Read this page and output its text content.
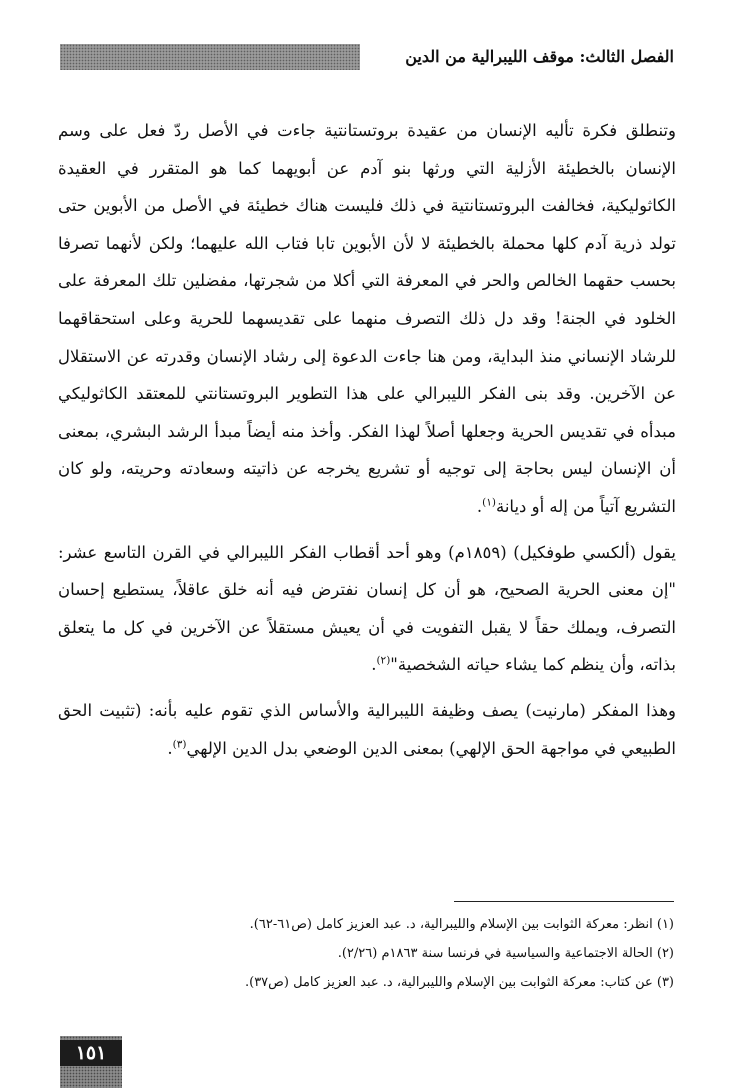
الفصل الثالث: موقف الليبرالية من الدين

وتنطلق فكرة تأليه الإنسان من عقيدة بروتستانتية جاءت في الأصل ردّ فعل على وسم الإنسان بالخطيئة الأزلية التي ورثها بنو آدم عن أبويهما كما هو المتقرر في العقيدة الكاثوليكية، فخالفت البروتستانتية في ذلك فليست هناك خطيئة في الأصل من الأبوين حتى تولد ذرية آدم كلها محملة بالخطيئة لا لأن الأبوين تابا فتاب الله عليهما؛ ولكن لأنهما تصرفا بحسب حقهما الخالص والحر في المعرفة التي أكلا من شجرتها، مفضلين تلك المعرفة على الخلود في الجنة! وقد دل ذلك التصرف منهما على تقديسهما للحرية وعلى استحقاقهما للرشاد الإنساني منذ البداية، ومن هنا جاءت الدعوة إلى رشاد الإنسان وقدرته عن الاستقلال عن الآخرين. وقد بنى الفكر الليبرالي على هذا التطوير البروتستانتي للمعتقد الكاثوليكي مبدأه في تقديس الحرية وجعلها أصلاً لهذا الفكر. وأخذ منه أيضاً مبدأ الرشد البشري، بمعنى أن الإنسان ليس بحاجة إلى توجيه أو تشريع يخرجه عن ذاتيته وسعادته وحريته، ولو كان التشريع آتياً من إله أو ديانة$^{(١)}$.

يقول (ألكسي طوفكيل) (١٨٥٩م) وهو أحد أقطاب الفكر الليبرالي في القرن التاسع عشر: "إن معنى الحرية الصحيح، هو أن كل إنسان نفترض فيه أنه خلق عاقلاً، يستطيع إحسان التصرف، ويملك حقاً لا يقبل التفويت في أن يعيش مستقلاً عن الآخرين في كل ما يتعلق بذاته، وأن ينظم كما يشاء حياته الشخصية"$^{(٢)}$.

وهذا المفكر (مارنيت) يصف وظيفة الليبرالية والأساس الذي تقوم عليه بأنه: (تثبيت الحق الطبيعي في مواجهة الحق الإلهي) بمعنى الدين الوضعي بدل الدين الإلهي$^{(٣)}$.

(١) انظر: معركة الثوابت بين الإسلام والليبرالية، د. عبد العزيز كامل (ص٦١-٦٢).
(٢) الحالة الاجتماعية والسياسية في فرنسا سنة ١٨٦٣م (٢/٢٦).
(٣) عن كتاب: معركة الثوابت بين الإسلام والليبرالية، د. عبد العزيز كامل (ص٣٧).
١٥١
